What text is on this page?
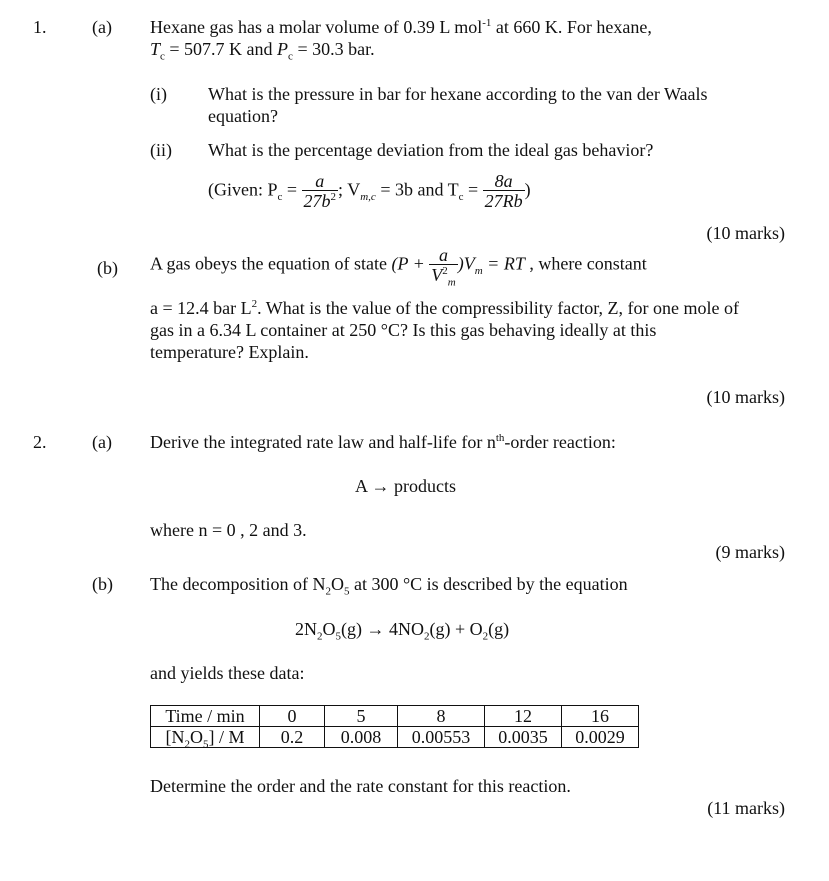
1.	(a) Hexane gas has a molar volume of 0.39 L mol$^{-1}$ at 660 K. For hexane,
$T_c = 507.7$ K and $P_c = 30.3$ bar.
(i) What is the pressure in bar for hexane according to the van der Waals
equation?
(ii) What is the percentage deviation from the ideal gas behavior?
(Given: $P_c = \frac{a}{27b^2}$ ; $V_{m,c} = 3b$ and $T_c = \frac{8a}{27Rb}$ )
(10 marks)
(b) A gas obeys the equation of state $(P + \frac{a}{V^2_m} )V_m$ = RT , where constant
a = 12.4 bar $L^2$. What is the value of the compressibility factor, Z, for one mole of
gas in a 6.34 L container at 250 °C? Is this gas behaving ideally at this
temperature? Explain.
(10 marks)
2.	(a) Derive the integrated rate law and half-life for $n^{th}$-order reaction:
A → products
where n = 0 , 2 and 3.
(9 marks)
(b) The decomposition of $N_2O_5$ at 300 °C is described by the equation
$2N_2O_5(g) \to 4NO_2(g) + O_2(g)$
and yields these data:
Time / min	0	5	8	12	16
$[N_2O_5]$ / M	0.2	0.008	0.00553	0.0035	0.0029
Determine the order and the rate constant for this reaction.
(11 marks)
